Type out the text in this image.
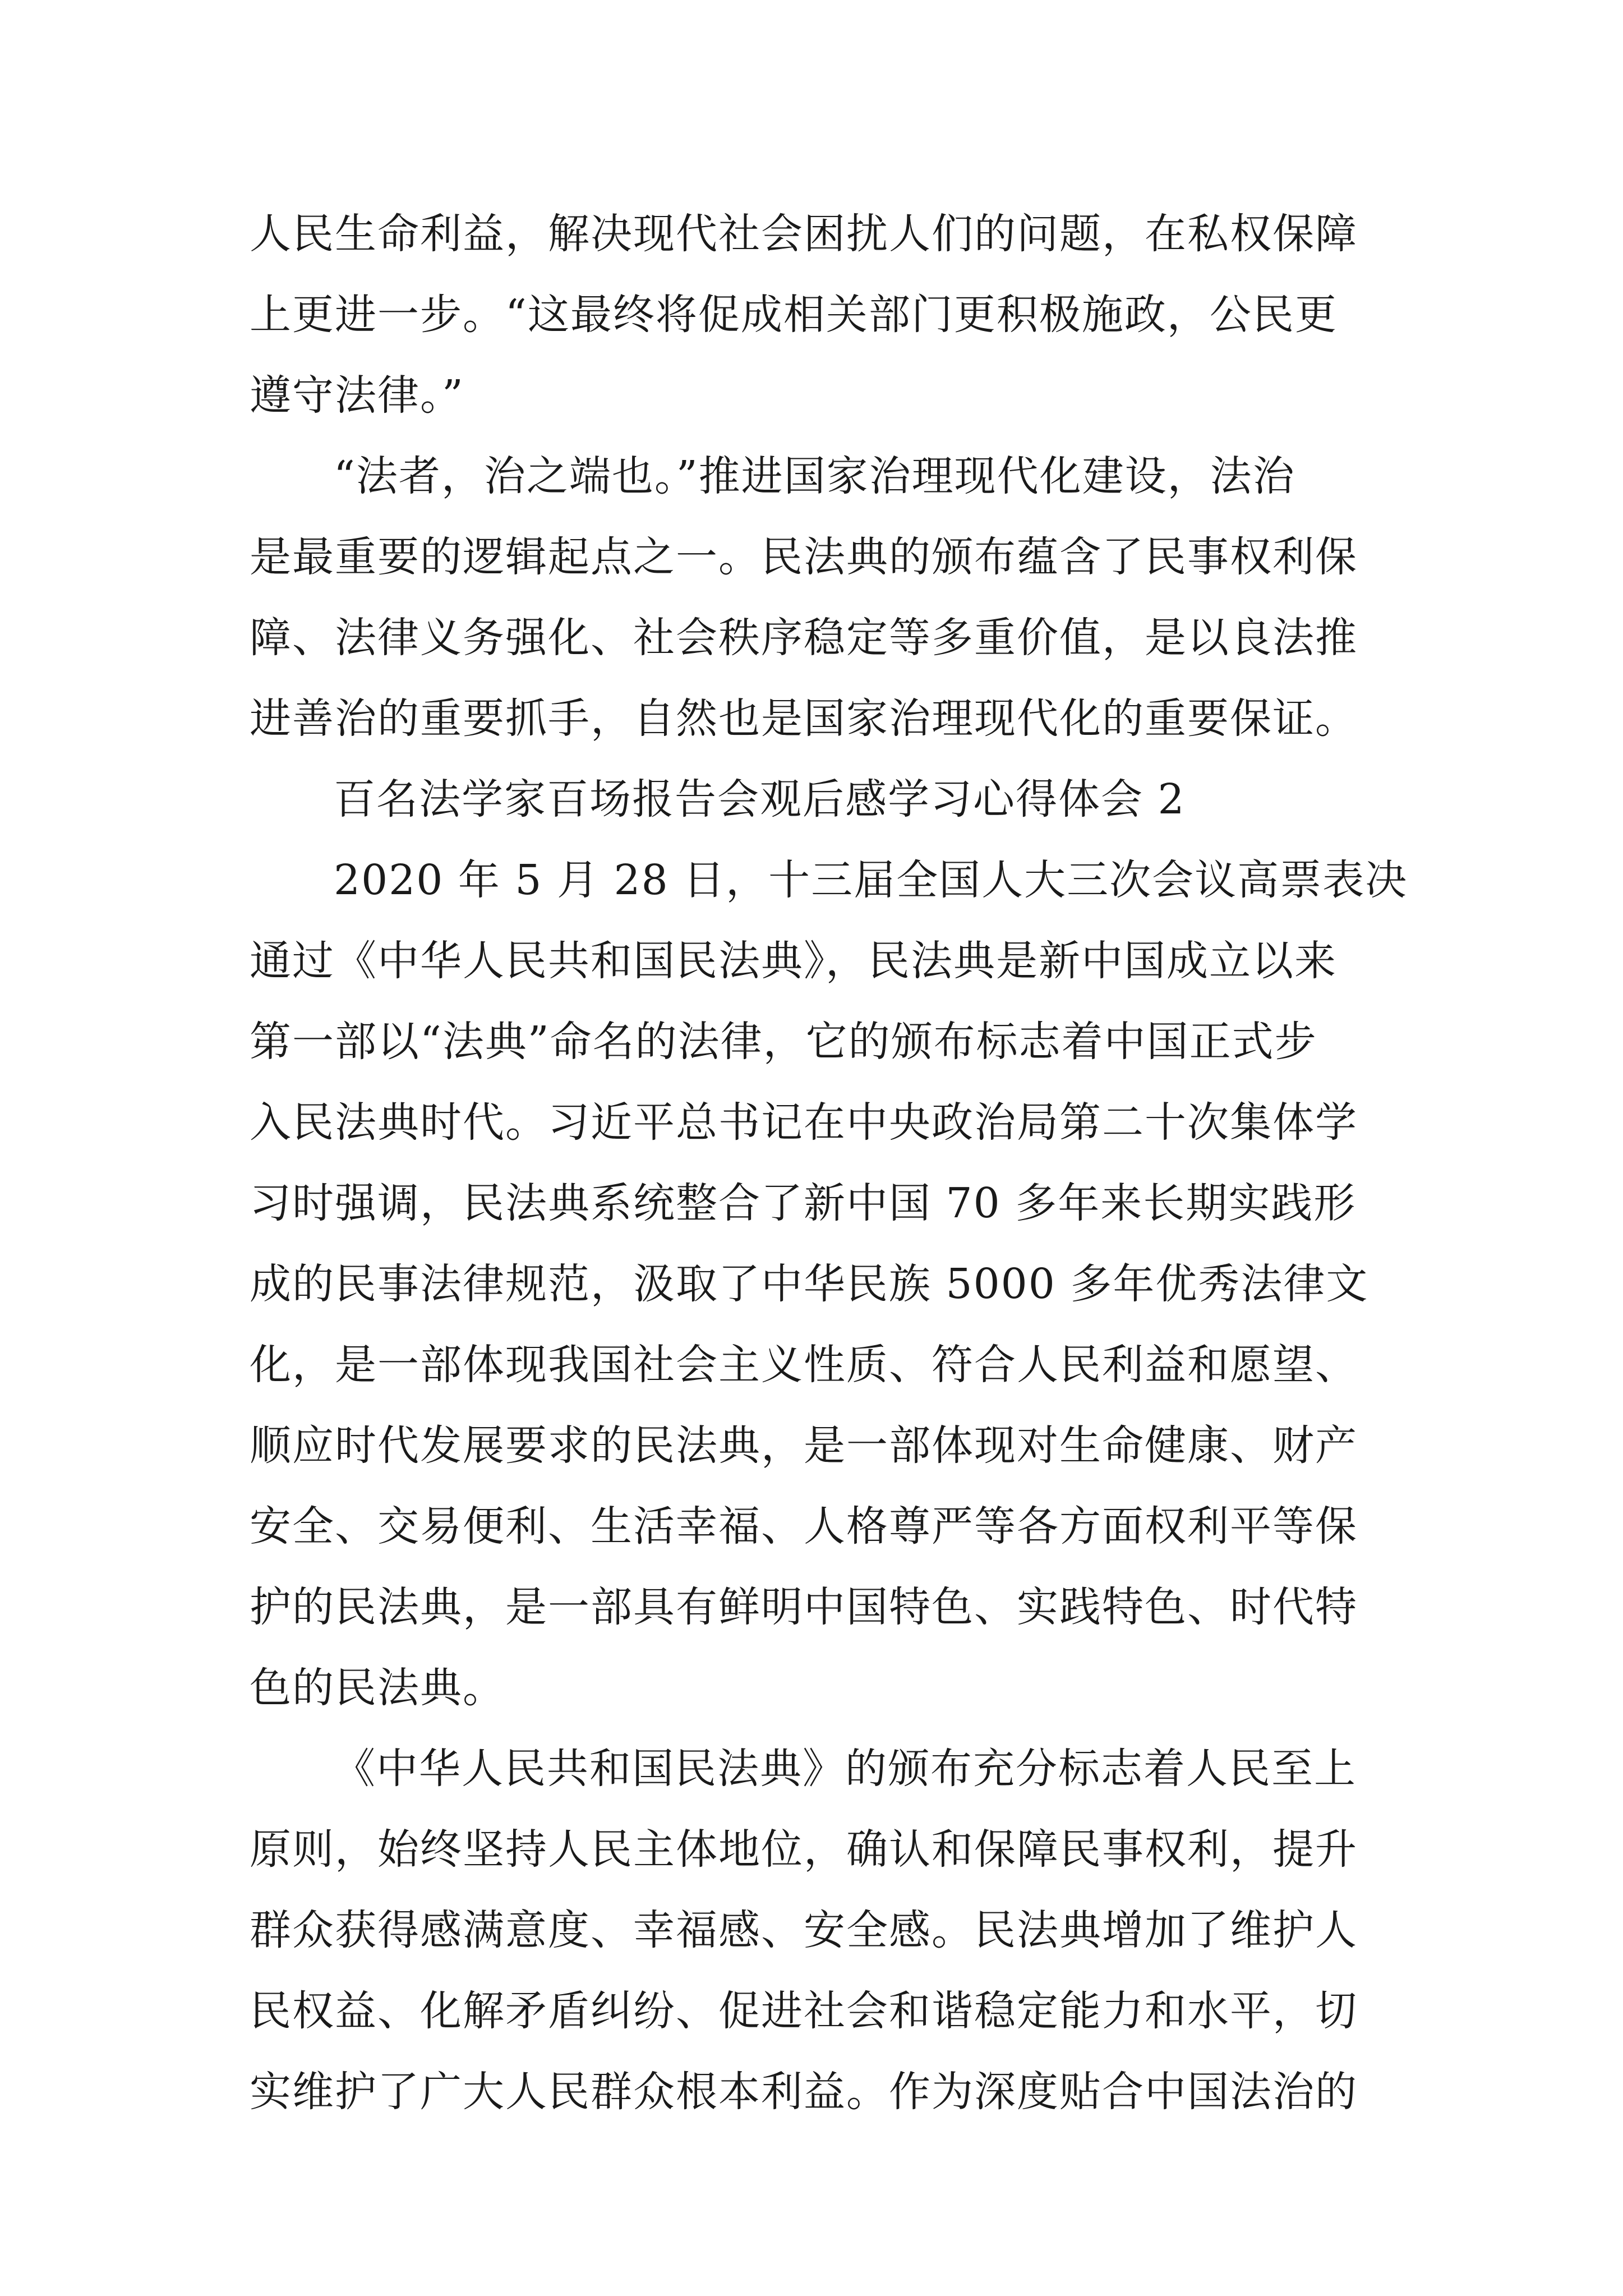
人民生命利益，解决现代社会困扰人们的问题，在私权保障
上更进一步。“这最终将促成相关部门更积极施政，公民更
遵守法律。”
“法者，治之端也。”推进国家治理现代化建设，法治
是最重要的逻辑起点之一。民法典的颁布蕴含了民事权利保
障、法律义务强化、社会秩序稳定等多重价值，是以良法推
进善治的重要抓手，自然也是国家治理现代化的重要保证。
百名法学家百场报告会观后感学习心得体会 2
2020 年 5 月 28 日，十三届全国人大三次会议高票表决
通过《中华人民共和国民法典》，民法典是新中国成立以来
第一部以“法典”命名的法律，它的颁布标志着中国正式步
入民法典时代。习近平总书记在中央政治局第二十次集体学
习时强调，民法典系统整合了新中国 70 多年来长期实践形
成的民事法律规范，汲取了中华民族 5000 多年优秀法律文
化，是一部体现我国社会主义性质、符合人民利益和愿望、
顺应时代发展要求的民法典，是一部体现对生命健康、财产
安全、交易便利、生活幸福、人格尊严等各方面权利平等保
护的民法典，是一部具有鲜明中国特色、实践特色、时代特
色的民法典。
《中华人民共和国民法典》的颁布充分标志着人民至上
原则，始终坚持人民主体地位，确认和保障民事权利，提升
群众获得感满意度、幸福感、安全感。民法典增加了维护人
民权益、化解矛盾纠纷、促进社会和谐稳定能力和水平，切
实维护了广大人民群众根本利益。作为深度贴合中国法治的
